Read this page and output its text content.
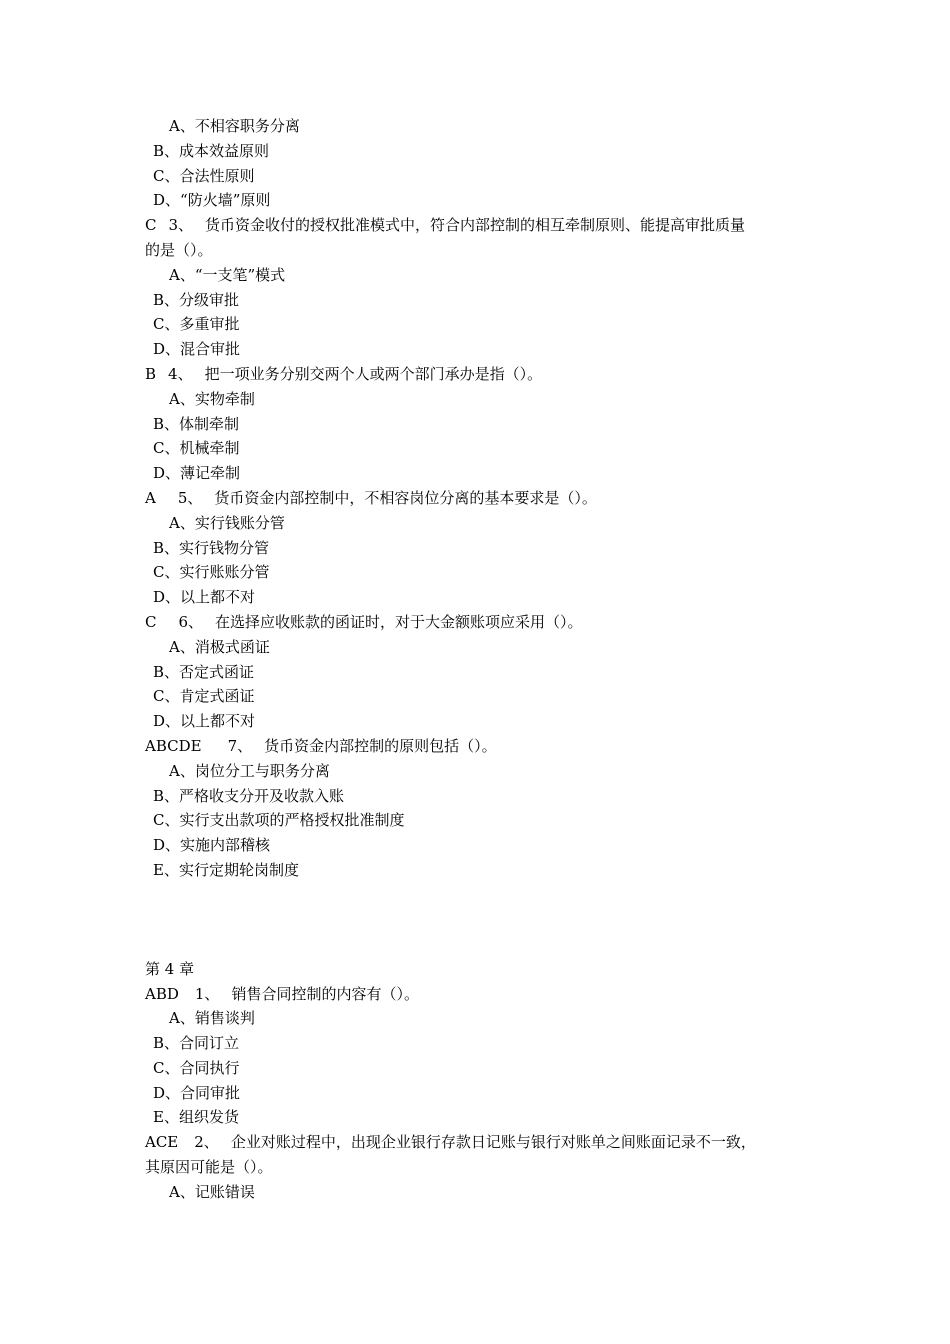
A、不相容职务分离
B、成本效益原则
C、合法性原则
D、“防火墙”原则
C 3、 货币资金收付的授权批准模式中，符合内部控制的相互牵制原则、能提高审批质量
的是（）。
A、“一支笔”模式
B、分级审批
C、多重审批
D、混合审批
B 4、 把一项业务分别交两个人或两个部门承办是指（）。
A、实物牵制
B、体制牵制
C、机械牵制
D、薄记牵制
A 5、 货币资金内部控制中，不相容岗位分离的基本要求是（）。
A、实行钱账分管
B、实行钱物分管
C、实行账账分管
D、以上都不对
C 6、 在选择应收账款的函证时，对于大金额账项应采用（）。
A、消极式函证
B、否定式函证
C、肯定式函证
D、以上都不对
ABCDE 7、 货币资金内部控制的原则包括（）。
A、岗位分工与职务分离
B、严格收支分开及收款入账
C、实行支出款项的严格授权批准制度
D、实施内部稽核
E、实行定期轮岗制度
第 4 章
ABD 1、 销售合同控制的内容有（）。
A、销售谈判
B、合同订立
C、合同执行
D、合同审批
E、组织发货
ACE 2、 企业对账过程中，出现企业银行存款日记账与银行对账单之间账面记录不一致，
其原因可能是（）。
A、记账错误
